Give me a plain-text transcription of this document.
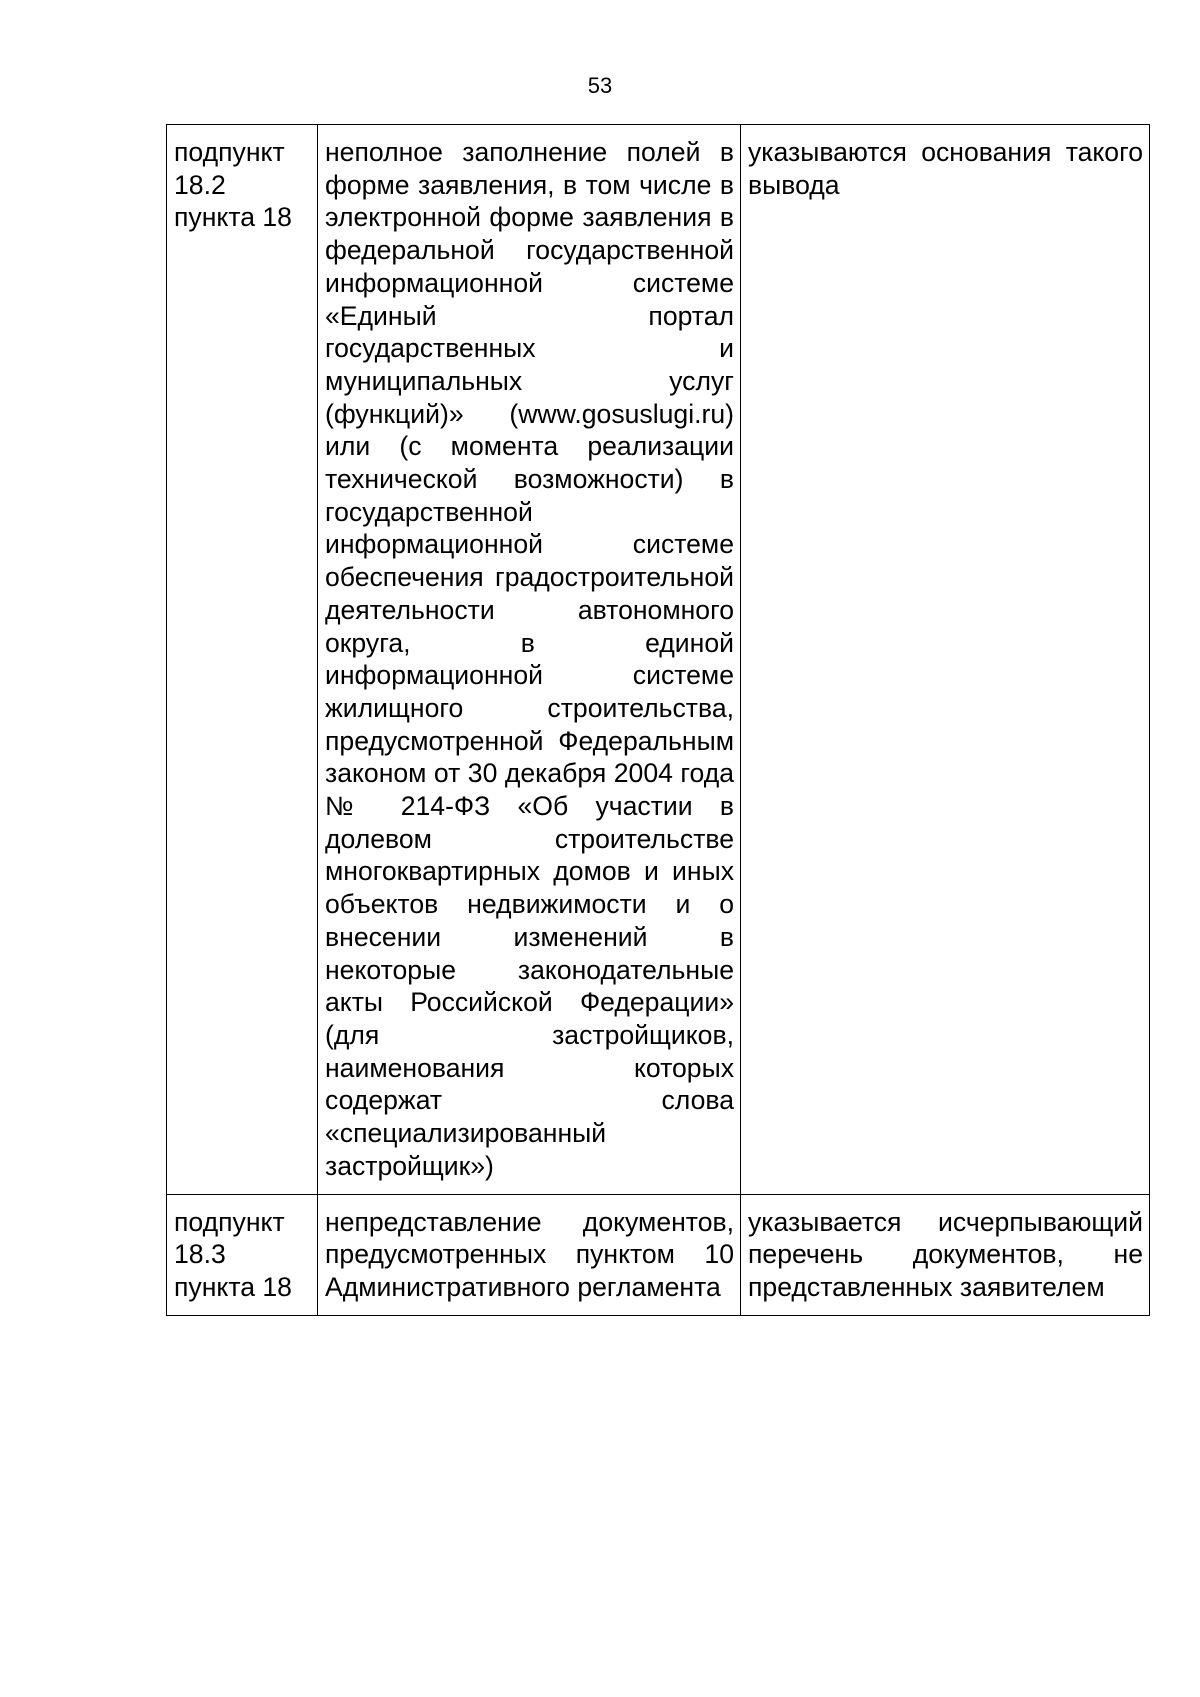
53
подпункт 18.2 пункта 18	неполное заполнение полей в форме заявления, в том числе в электронной форме заявления в федеральной государственной информационной системе «Единый портал государственных и муниципальных услуг (функций)» (www.gosuslugi.ru) или (с момента реализации технической возможности) в государственной информационной системе обеспечения градостроительной деятельности автономного округа, в единой информационной системе жилищного строительства, предусмотренной Федеральным законом от 30 декабря 2004 года № 214-ФЗ «Об участии в долевом строительстве многоквартирных домов и иных объектов недвижимости и о внесении изменений в некоторые законодательные акты Российской Федерации» (для застройщиков, наименования которых содержат слова «специализированный застройщик»)	указываются основания такого вывода
подпункт 18.3 пункта 18	непредставление документов, предусмотренных пунктом 10 Административного регламента	указывается исчерпывающий перечень документов, не представленных заявителем
